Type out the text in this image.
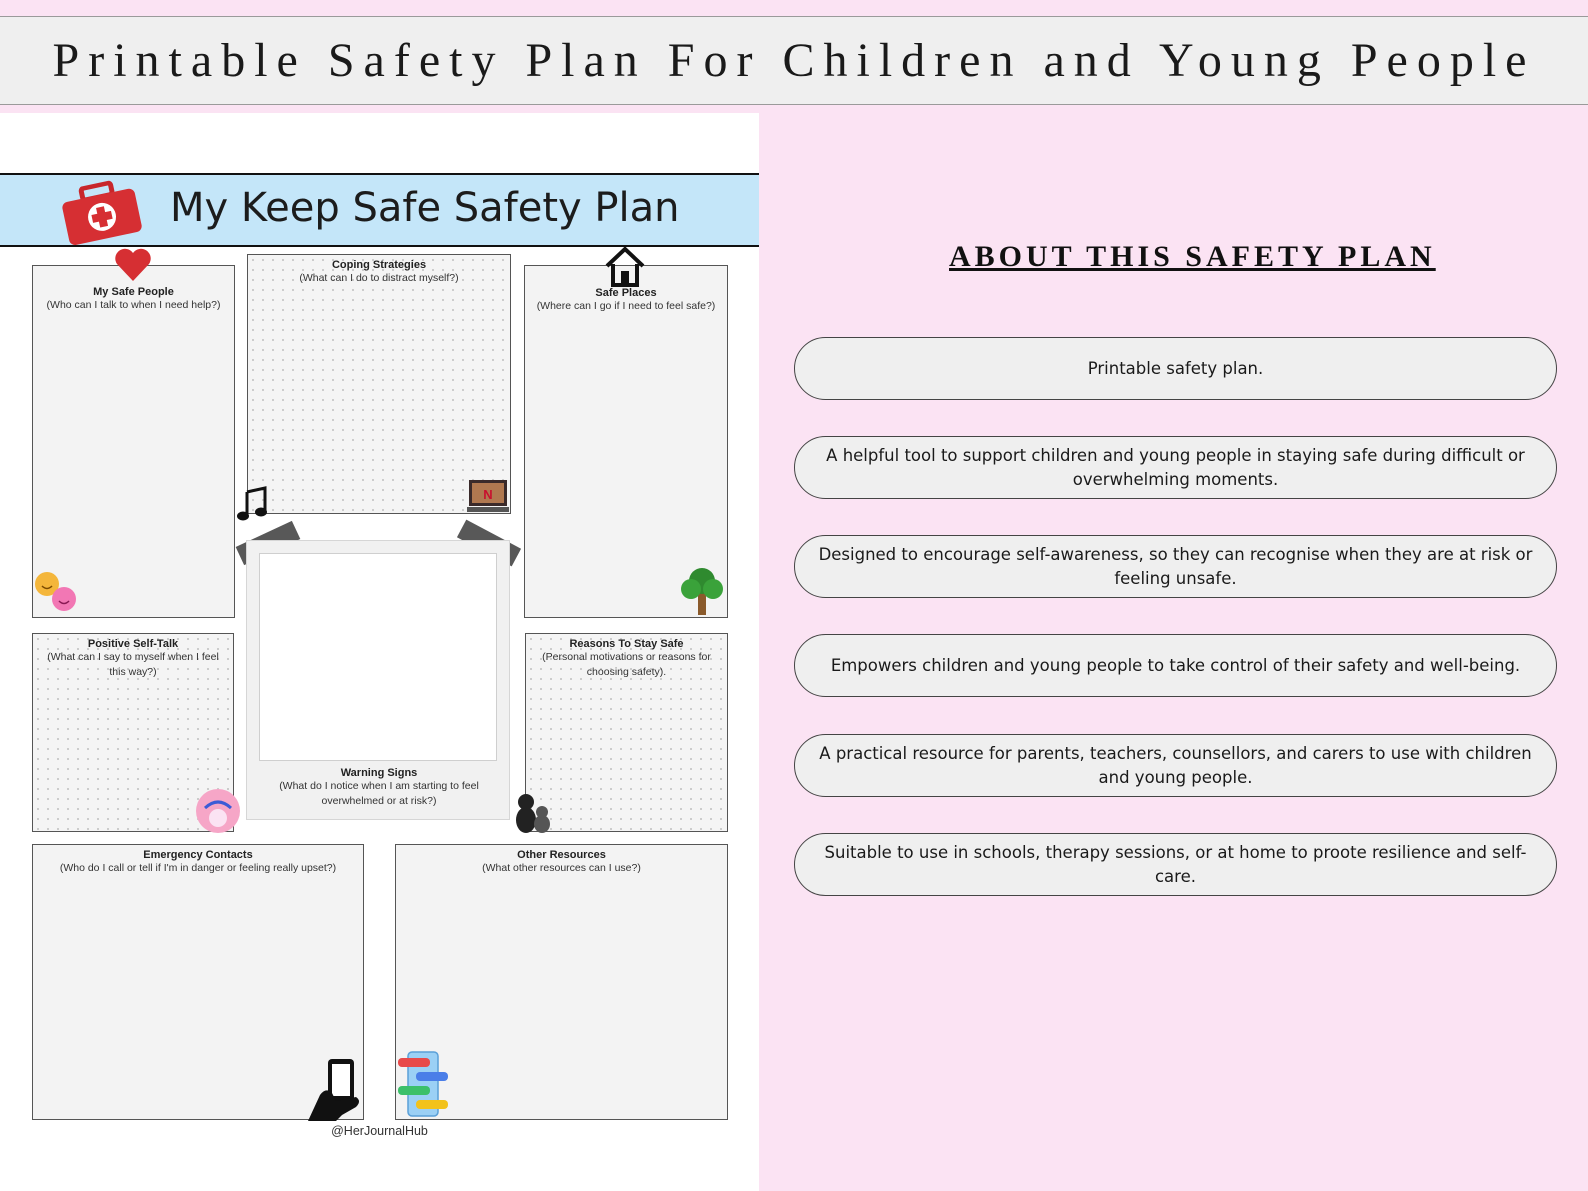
Printable Safety Plan For Children and Young People
My Keep Safe Safety Plan
My Safe People
(Who can I talk to when I need help?)
Coping Strategies
(What can I do to distract myself?)
N
Safe Places
(Where can I go if I need to feel safe?)
Warning Signs
(What do I notice when I am starting to feel overwhelmed or at risk?)
Positive Self-Talk
(What can I say to myself when I feel this way?)
Reasons To Stay Safe
(Personal motivations or reasons for choosing safety).
Emergency Contacts
(Who do I call or tell if I'm in danger or feeling really upset?)
Other Resources
(What other resources can I use?)
@HerJournalHub
ABOUT THIS SAFETY PLAN
Printable safety plan.
A helpful tool to support children and young people in staying safe during difficult or overwhelming moments.
Designed to encourage self-awareness, so they can recognise when they are at risk or feeling unsafe.
Empowers children and young people to take control of their safety and well-being.
A practical resource for parents, teachers, counsellors, and carers to use with children and young people.
Suitable to use in schools, therapy sessions, or at home to proote resilience and self-care.
